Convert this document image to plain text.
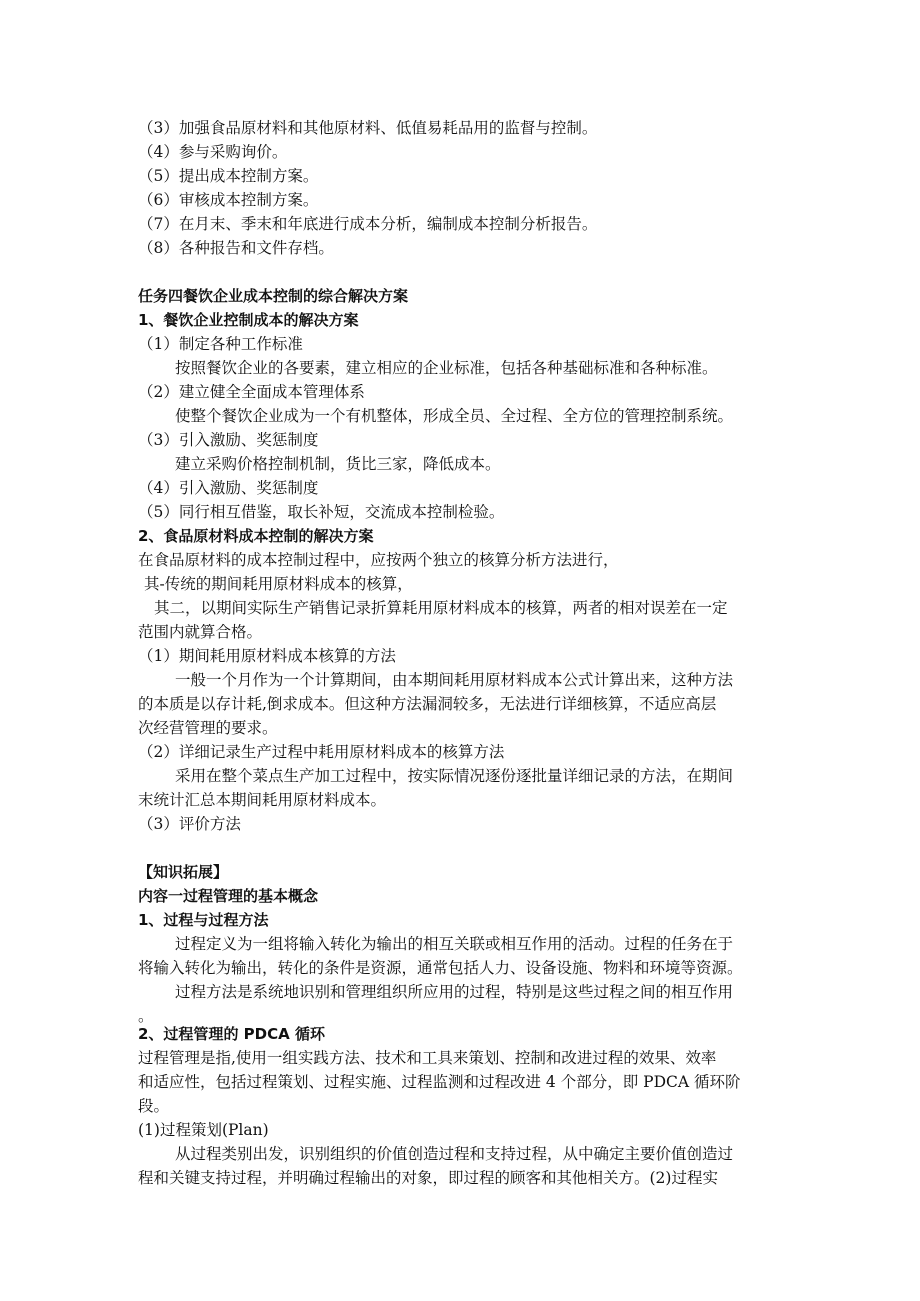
（3）加强食品原材料和其他原材料、低值易耗品用的监督与控制。
（4）参与采购询价。
（5）提出成本控制方案。
（6）审核成本控制方案。
（7）在月末、季末和年底进行成本分析，编制成本控制分析报告。
（8）各种报告和文件存档。
任务四餐饮企业成本控制的综合解决方案
1、餐饮企业控制成本的解决方案
（1）制定各种工作标准
按照餐饮企业的各要素，建立相应的企业标准，包括各种基础标准和各种标准。
（2）建立健全全面成本管理体系
使整个餐饮企业成为一个有机整体，形成全员、全过程、全方位的管理控制系统。
（3）引入激励、奖惩制度
建立采购价格控制机制，货比三家，降低成本。
（4）引入激励、奖惩制度
（5）同行相互借鉴，取长补短，交流成本控制检验。
2、食品原材料成本控制的解决方案
在食品原材料的成本控制过程中，应按两个独立的核算分析方法进行，
其-传统的期间耗用原材料成本的核算，
其二，以期间实际生产销售记录折算耗用原材料成本的核算，两者的相对误差在一定
范围内就算合格。
（1）期间耗用原材料成本核算的方法
一般一个月作为一个计算期间，由本期间耗用原材料成本公式计算出来，这种方法
的本质是以存计耗,倒求成本。但这种方法漏洞较多，无法进行详细核算，不适应高层
次经营管理的要求。
（2）详细记录生产过程中耗用原材料成本的核算方法
采用在整个菜点生产加工过程中，按实际情况逐份逐批量详细记录的方法，在期间
末统计汇总本期间耗用原材料成本。
（3）评价方法
【知识拓展】
内容一过程管理的基本概念
1、过程与过程方法
过程定义为一组将输入转化为输出的相互关联或相互作用的活动。过程的任务在于
将输入转化为输出，转化的条件是资源，通常包括人力、设备设施、物料和环境等资源。
过程方法是系统地识别和管理组织所应用的过程，特别是这些过程之间的相互作用
。
2、过程管理的 PDCA 循环
过程管理是指,使用一组实践方法、技术和工具来策划、控制和改进过程的效果、效率
和适应性，包括过程策划、过程实施、过程监测和过程改进 4 个部分，即 PDCA 循环阶
段。
(1)过程策划(Plan)
从过程类别出发，识别组织的价值创造过程和支持过程，从中确定主要价值创造过
程和关键支持过程，并明确过程输出的对象，即过程的顾客和其他相关方。(2)过程实
